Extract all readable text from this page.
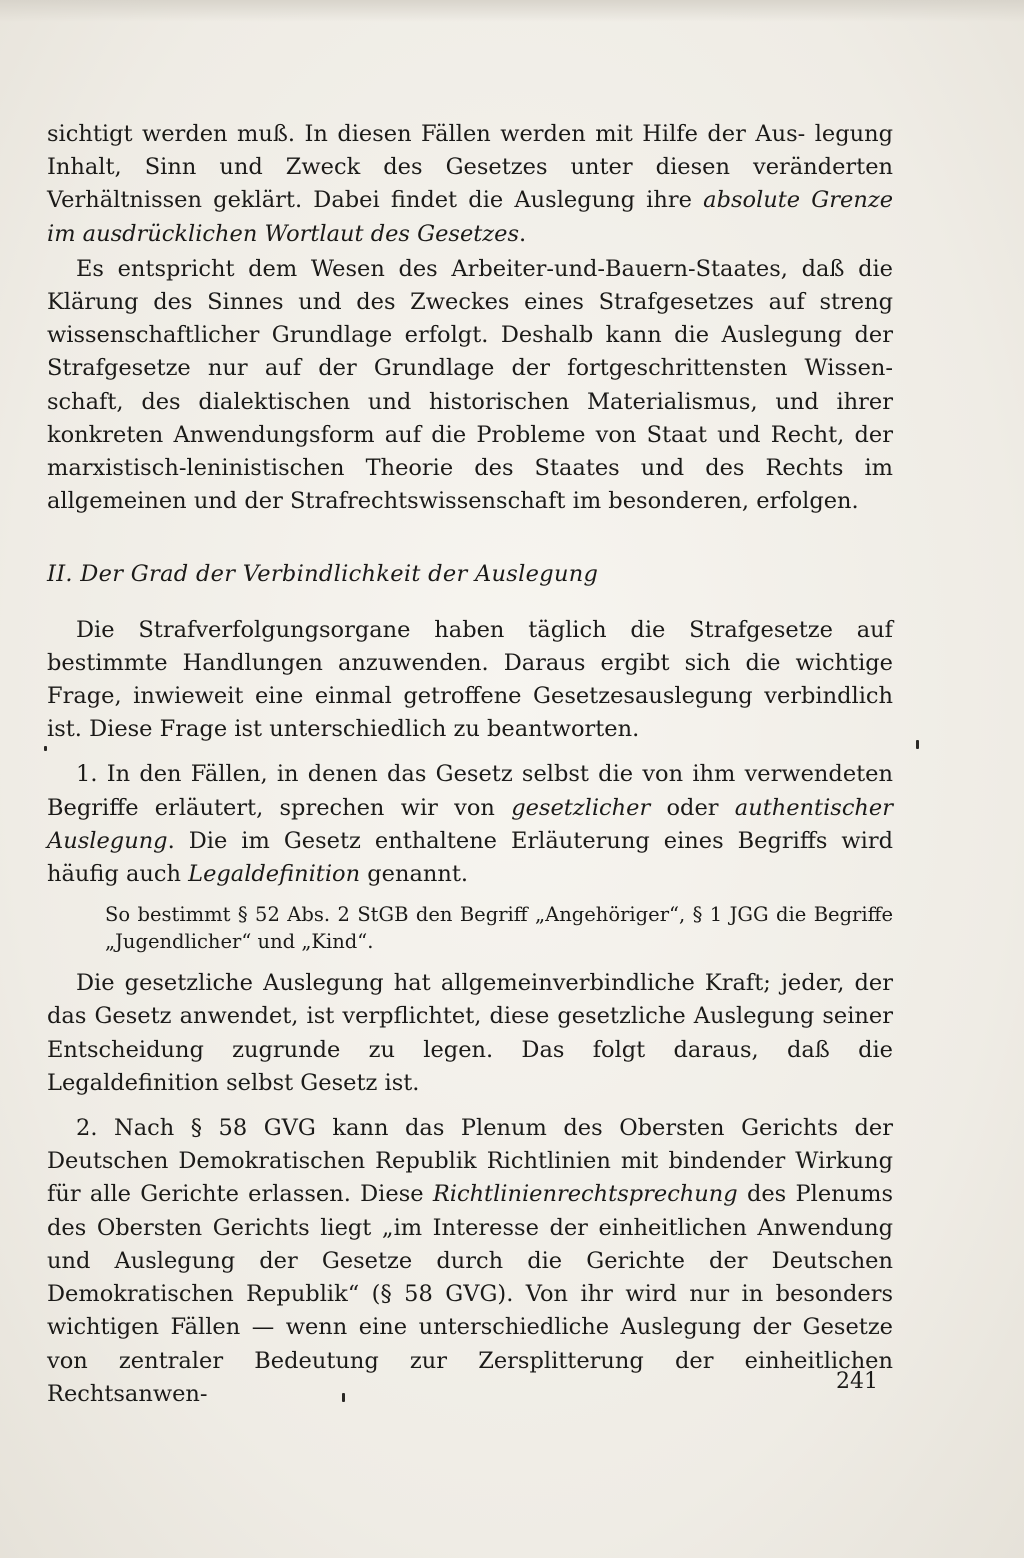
sichtigt werden muß. In diesen Fällen werden mit Hilfe der Aus- legung Inhalt, Sinn und Zweck des Gesetzes unter diesen veränderten Verhältnissen geklärt. Dabei findet die Auslegung ihre absolute Grenze im ausdrücklichen Wortlaut des Gesetzes.

Es entspricht dem Wesen des Arbeiter-und-Bauern-Staates, daß die Klärung des Sinnes und des Zweckes eines Strafgesetzes auf streng wissenschaftlicher Grundlage erfolgt. Deshalb kann die Auslegung der Strafgesetze nur auf der Grundlage der fortgeschrittensten Wissen-schaft, des dialektischen und historischen Materialismus, und ihrer konkreten Anwendungsform auf die Probleme von Staat und Recht, der marxistisch-leninistischen Theorie des Staates und des Rechts im allgemeinen und der Strafrechtswissenschaft im besonderen, erfolgen.

II. Der Grad der Verbindlichkeit der Auslegung

Die Strafverfolgungsorgane haben täglich die Strafgesetze auf bestimmte Handlungen anzuwenden. Daraus ergibt sich die wichtige Frage, inwieweit eine einmal getroffene Gesetzesauslegung verbindlich ist. Diese Frage ist unterschiedlich zu beantworten.

1. In den Fällen, in denen das Gesetz selbst die von ihm verwendeten Begriffe erläutert, sprechen wir von gesetzlicher oder authentischer Auslegung. Die im Gesetz enthaltene Erläuterung eines Begriffs wird häufig auch Legaldefinition genannt.

So bestimmt § 52 Abs. 2 StGB den Begriff „Angehöriger“, § 1 JGG die Begriffe „Jugendlicher“ und „Kind“.

Die gesetzliche Auslegung hat allgemeinverbindliche Kraft; jeder, der das Gesetz anwendet, ist verpflichtet, diese gesetzliche Auslegung seiner Entscheidung zugrunde zu legen. Das folgt daraus, daß die Legaldefinition selbst Gesetz ist.

2. Nach § 58 GVG kann das Plenum des Obersten Gerichts der Deutschen Demokratischen Republik Richtlinien mit bindender Wirkung für alle Gerichte erlassen. Diese Richtlinienrechtsprechung des Plenums des Obersten Gerichts liegt „im Interesse der einheitlichen Anwendung und Auslegung der Gesetze durch die Gerichte der Deutschen Demokratischen Republik“ (§ 58 GVG). Von ihr wird nur in besonders wichtigen Fällen — wenn eine unterschiedliche Auslegung der Gesetze von zentraler Bedeutung zur Zersplitterung der einheitlichen Rechtsanwen-	241
